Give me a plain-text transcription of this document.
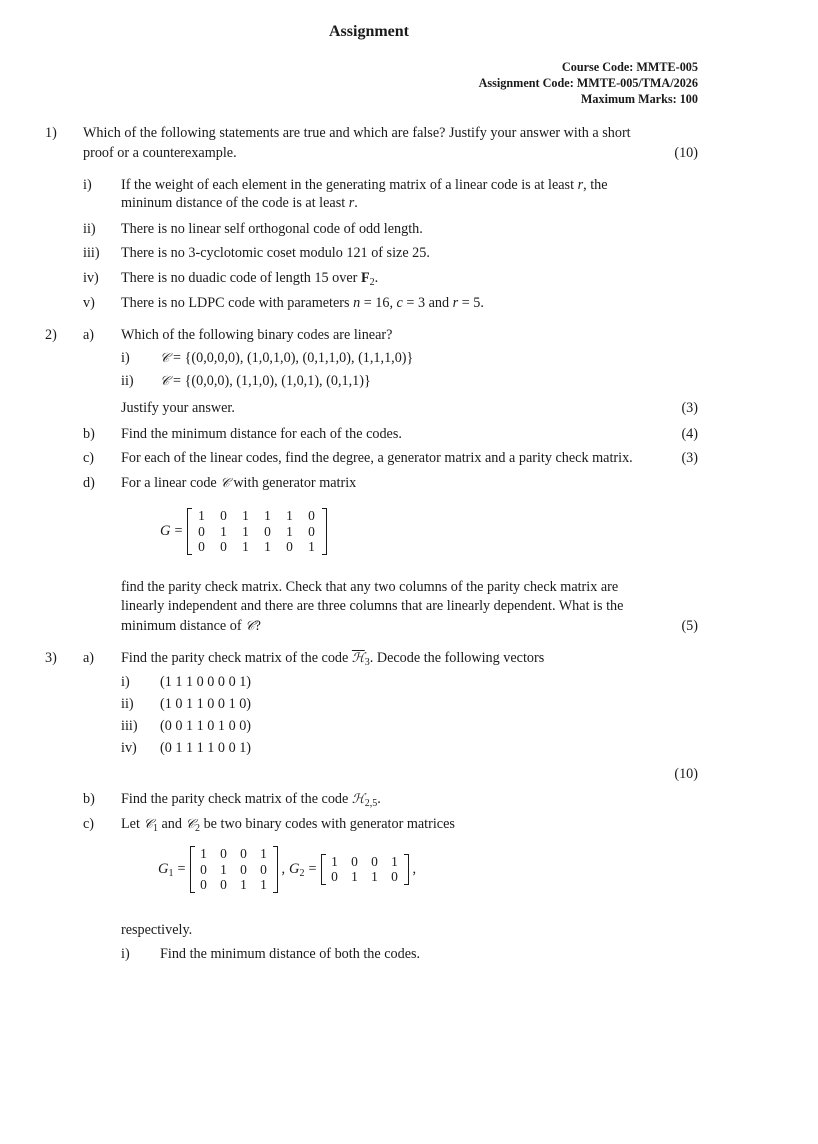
Assignment
Course Code: MMTE-005
Assignment Code: MMTE-005/TMA/2026
Maximum Marks: 100
1) Which of the following statements are true and which are false? Justify your answer with a short
proof or a counterexample.	(10)
i) If the weight of each element in the generating matrix of a linear code is at least r, the
mininum distance of the code is at least r.
ii) There is no linear self orthogonal code of odd length.
iii) There is no 3-cyclotomic coset modulo 121 of size 25.
iv) There is no duadic code of length 15 over $F_2$.
v) There is no LDPC code with parameters n = 16, c = 3 and r = 5.
2) a) Which of the following binary codes are linear?
i) 𝒞 = {(0,0,0,0), (1,0,1,0), (0,1,1,0), (1,1,1,0)}
ii) 𝒞 = {(0,0,0), (1,1,0), (1,0,1), (0,1,1)}
Justify your answer.	(3)
b) Find the minimum distance for each of the codes.	(4)
c) For each of the linear codes, find the degree, a generator matrix and a parity check matrix.	(3)
d) For a linear code 𝒞 with generator matrix
G =
1	0	1	1	1	0
0	1	1	0	1	0
0	0	1	1	0	1
find the parity check matrix. Check that any two columns of the parity check matrix are
linearly independent and there are three columns that are linearly dependent. What is the
minimum distance of 𝒞?	(5)
3) a) Find the parity check matrix of the code ℋ$_3$. Decode the following vectors
i) (1 1 1 0 0 0 0 1)
ii) (1 0 1 1 0 0 1 0)
iii) (0 0 1 1 0 1 0 0)
iv) (0 1 1 1 1 0 0 1)
(10)
b) Find the parity check matrix of the code ℋ$_{2,5}$.
c) Let 𝒞$_1$ and 𝒞$_2$ be two binary codes with generator matrices
$G_1$ =
1 0 0 1
0 1 0 0
0 0 1 1
, $G_2$ =	1 0 0 1
0 1 1 0	,
respectively.
i) Find the minimum distance of both the codes.
